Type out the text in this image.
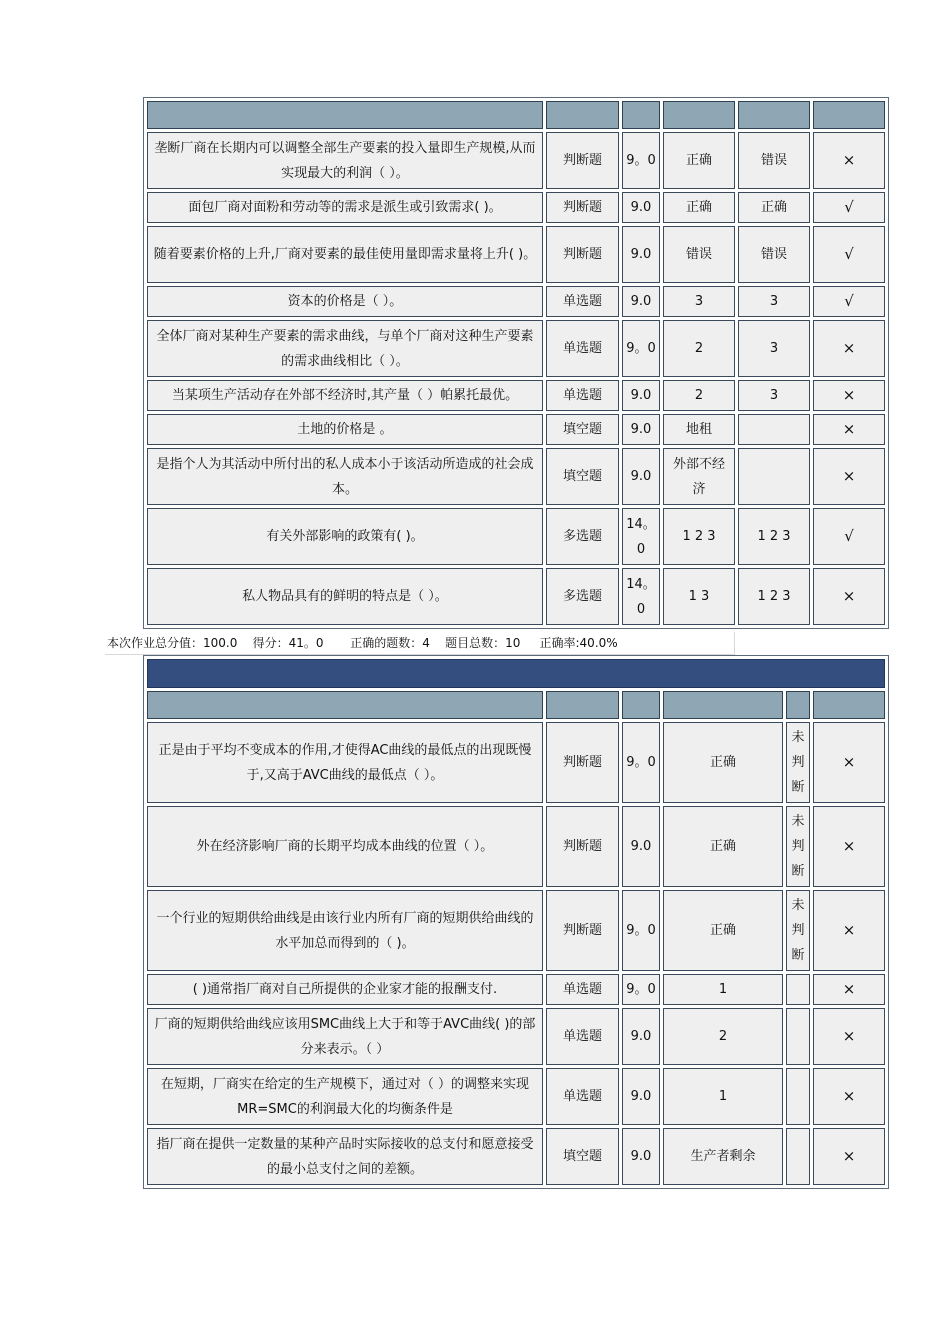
垄断厂商在长期内可以调整全部生产要素的投入量即生产规模,从而实现最大的利润（ ）。	判断题	9。0	正确	错误	×
面包厂商对面粉和劳动等的需求是派生或引致需求( )。	判断题	9.0	正确	正确	√
随着要素价格的上升,厂商对要素的最佳使用量即需求量将上升( )。	判断题	9.0	错误	错误	√
资本的价格是（ ）。	单选题	9.0	3	3	√
全体厂商对某种生产要素的需求曲线，与单个厂商对这种生产要素的需求曲线相比（ ）。	单选题	9。0	2	3	×
当某项生产活动存在外部不经济时,其产量（ ）帕累托最优。	单选题	9.0	2	3	×
土地的价格是 。	填空题	9.0	地租		×
是指个人为其活动中所付出的私人成本小于该活动所造成的社会成本。	填空题	9.0	外部不经济		×
有关外部影响的政策有( )。	多选题	14。0	1 2 3	1 2 3	√
私人物品具有的鲜明的特点是（ ）。	多选题	14。0	1 3	1 2 3	×
本次作业总分值：100.0 得分：41。0 正确的题数：4 题目总数：10 正确率:40.0%

正是由于平均不变成本的作用,才使得AC曲线的最低点的出现既慢于,又高于AVC曲线的最低点（ ）。	判断题	9。0	正确	未判断	×
外在经济影响厂商的长期平均成本曲线的位置（ ）。	判断题	9.0	正确	未判断	×
一个行业的短期供给曲线是由该行业内所有厂商的短期供给曲线的水平加总而得到的（ )。	判断题	9。0	正确	未判断	×
( )通常指厂商对自己所提供的企业家才能的报酬支付.	单选题	9。0	1		×
厂商的短期供给曲线应该用SMC曲线上大于和等于AVC曲线( )的部分来表示。（ ）	单选题	9.0	2		×
在短期，厂商实在给定的生产规模下，通过对（ ）的调整来实现MR=SMC的利润最大化的均衡条件是	单选题	9.0	1		×
指厂商在提供一定数量的某种产品时实际接收的总支付和愿意接受的最小总支付之间的差额。	填空题	9.0	生产者剩余		×
